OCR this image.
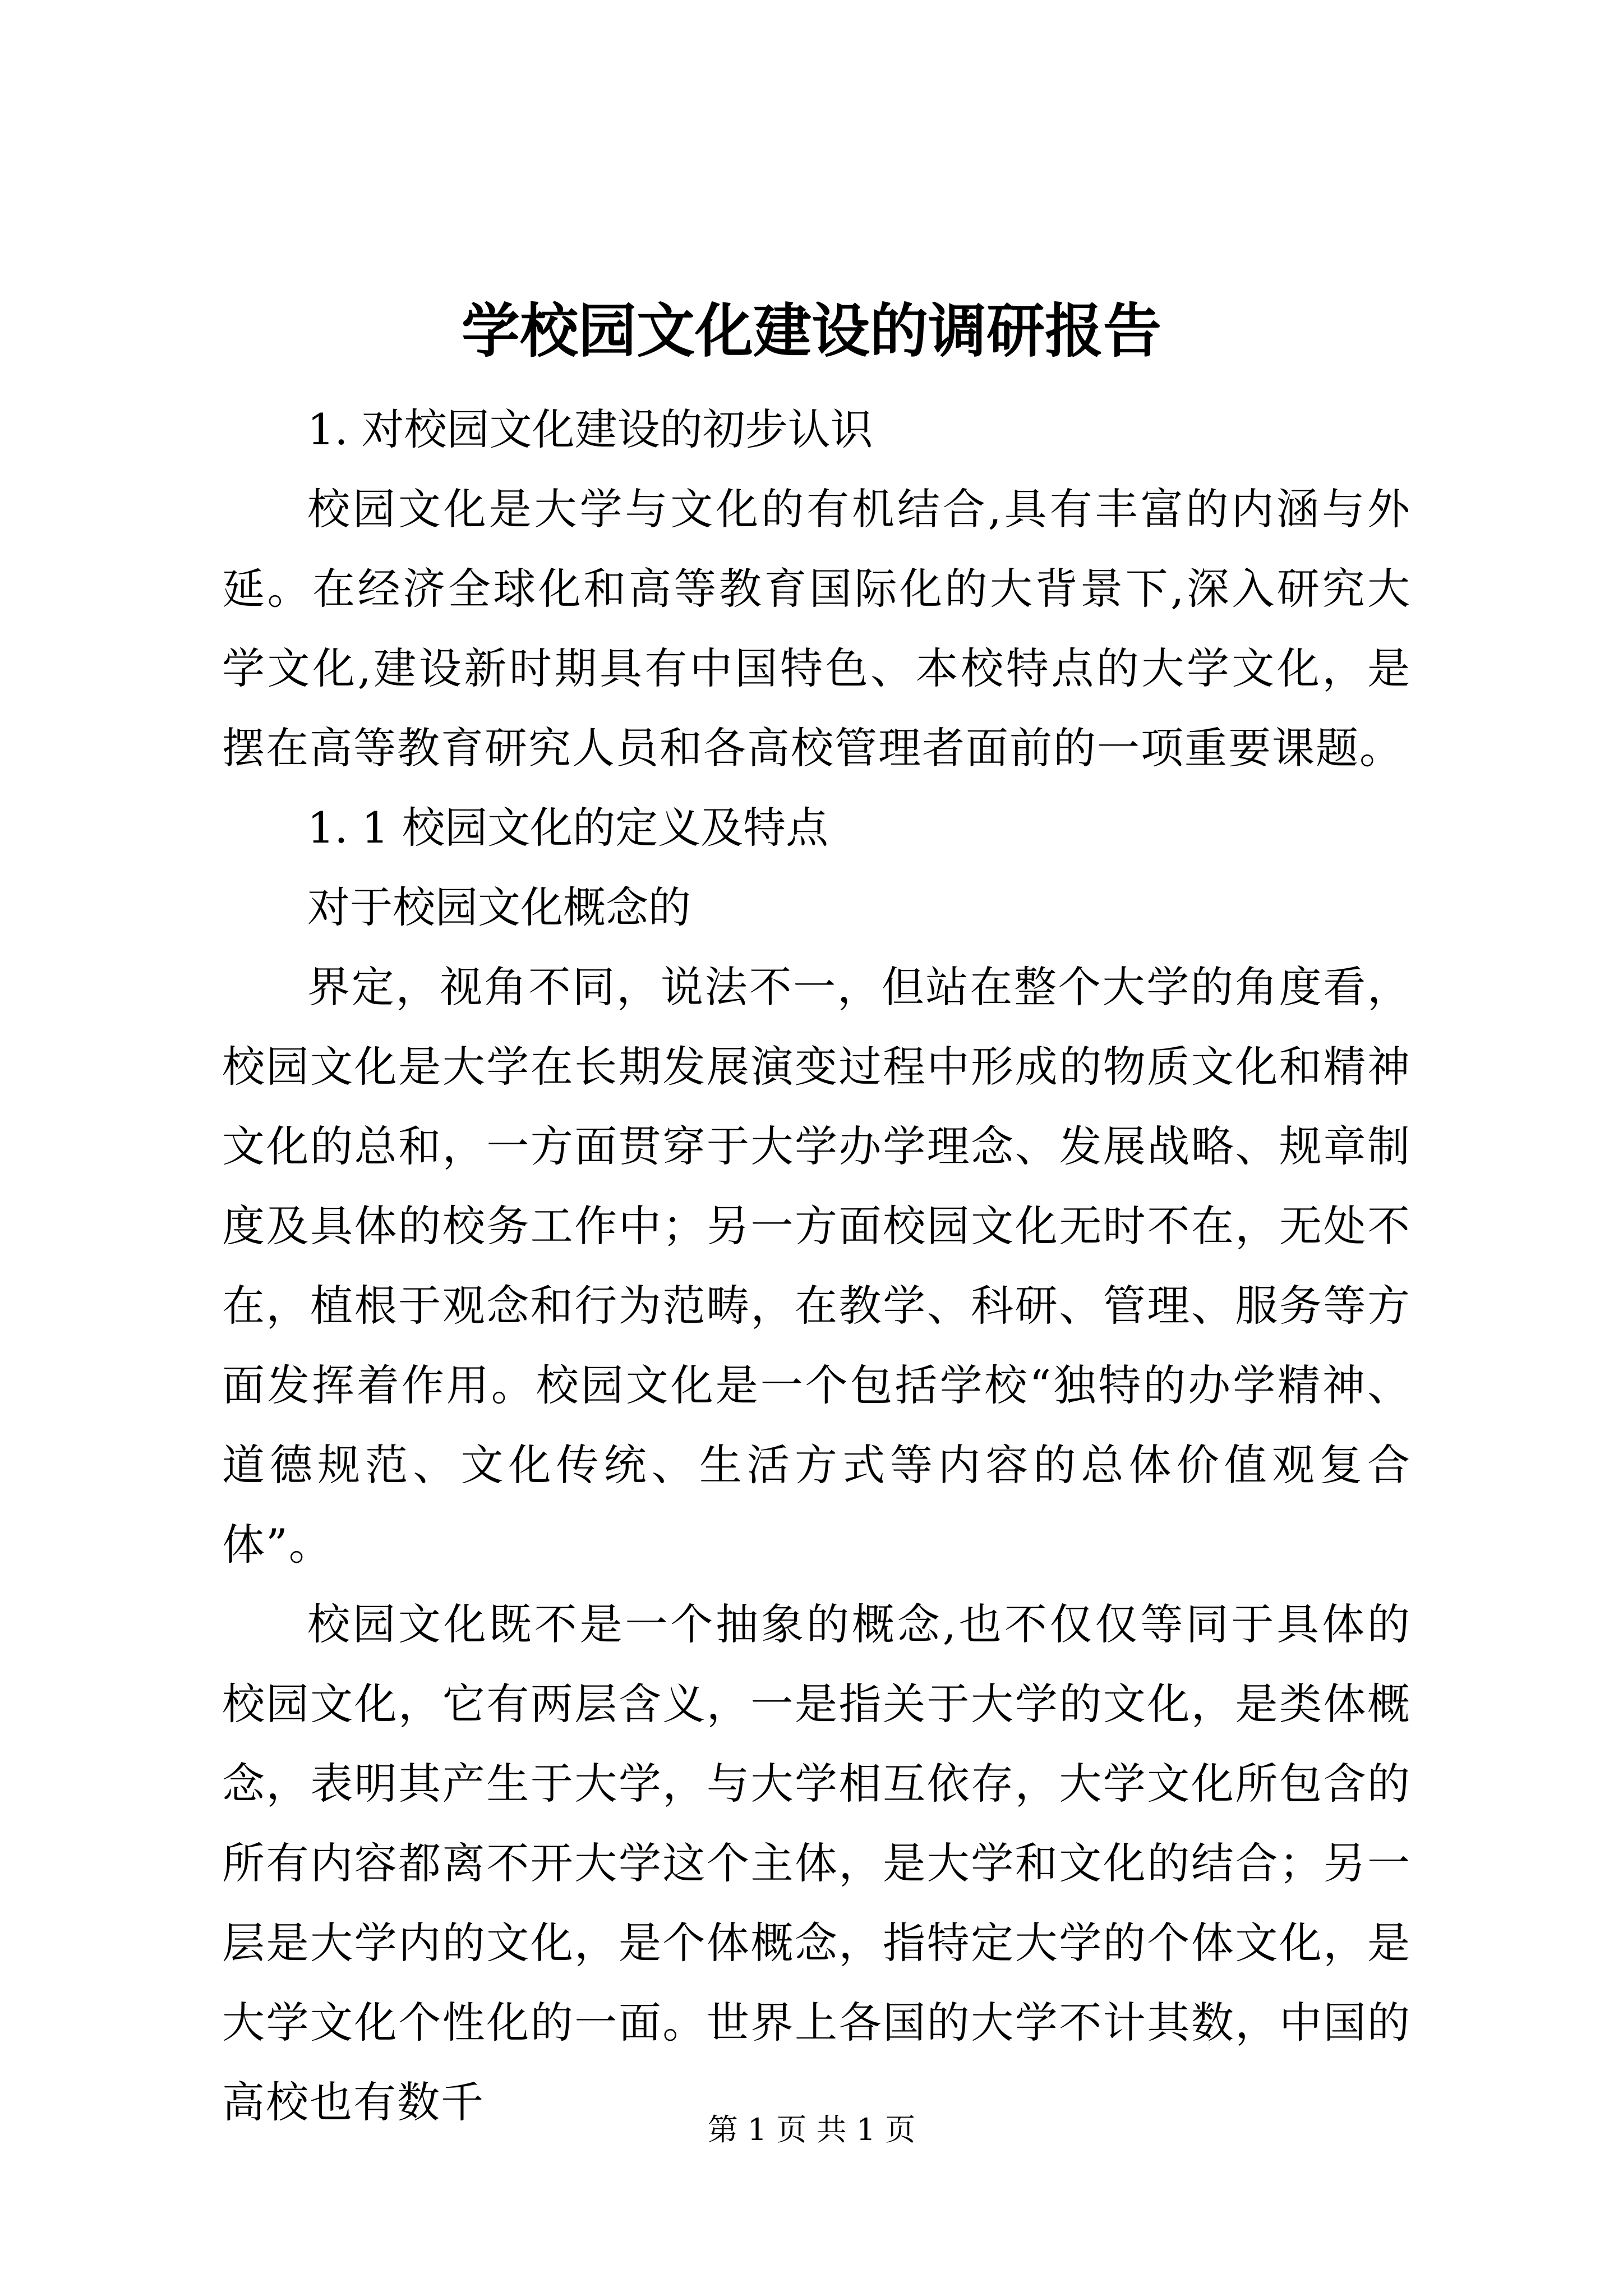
学校园文化建设的调研报告

1. 对校园文化建设的初步认识

校园文化是大学与文化的有机结合,具有丰富的内涵与外延。在经济全球化和高等教育国际化的大背景下,深入研究大学文化,建设新时期具有中国特色、本校特点的大学文化，是摆在高等教育研究人员和各高校管理者面前的一项重要课题。

1. 1 校园文化的定义及特点

对于校园文化概念的

界定，视角不同，说法不一，但站在整个大学的角度看，校园文化是大学在长期发展演变过程中形成的物质文化和精神文化的总和，一方面贯穿于大学办学理念、发展战略、规章制度及具体的校务工作中；另一方面校园文化无时不在，无处不在，植根于观念和行为范畴，在教学、科研、管理、服务等方面发挥着作用。校园文化是一个包括学校“独特的办学精神、道德规范、文化传统、生活方式等内容的总体价值观复合体”。

校园文化既不是一个抽象的概念,也不仅仅等同于具体的校园文化，它有两层含义，一是指关于大学的文化，是类体概念，表明其产生于大学，与大学相互依存，大学文化所包含的所有内容都离不开大学这个主体，是大学和文化的结合；另一层是大学内的文化，是个体概念，指特定大学的个体文化，是大学文化个性化的一面。世界上各国的大学不计其数，中国的高校也有数千

第 1 页 共 1 页
